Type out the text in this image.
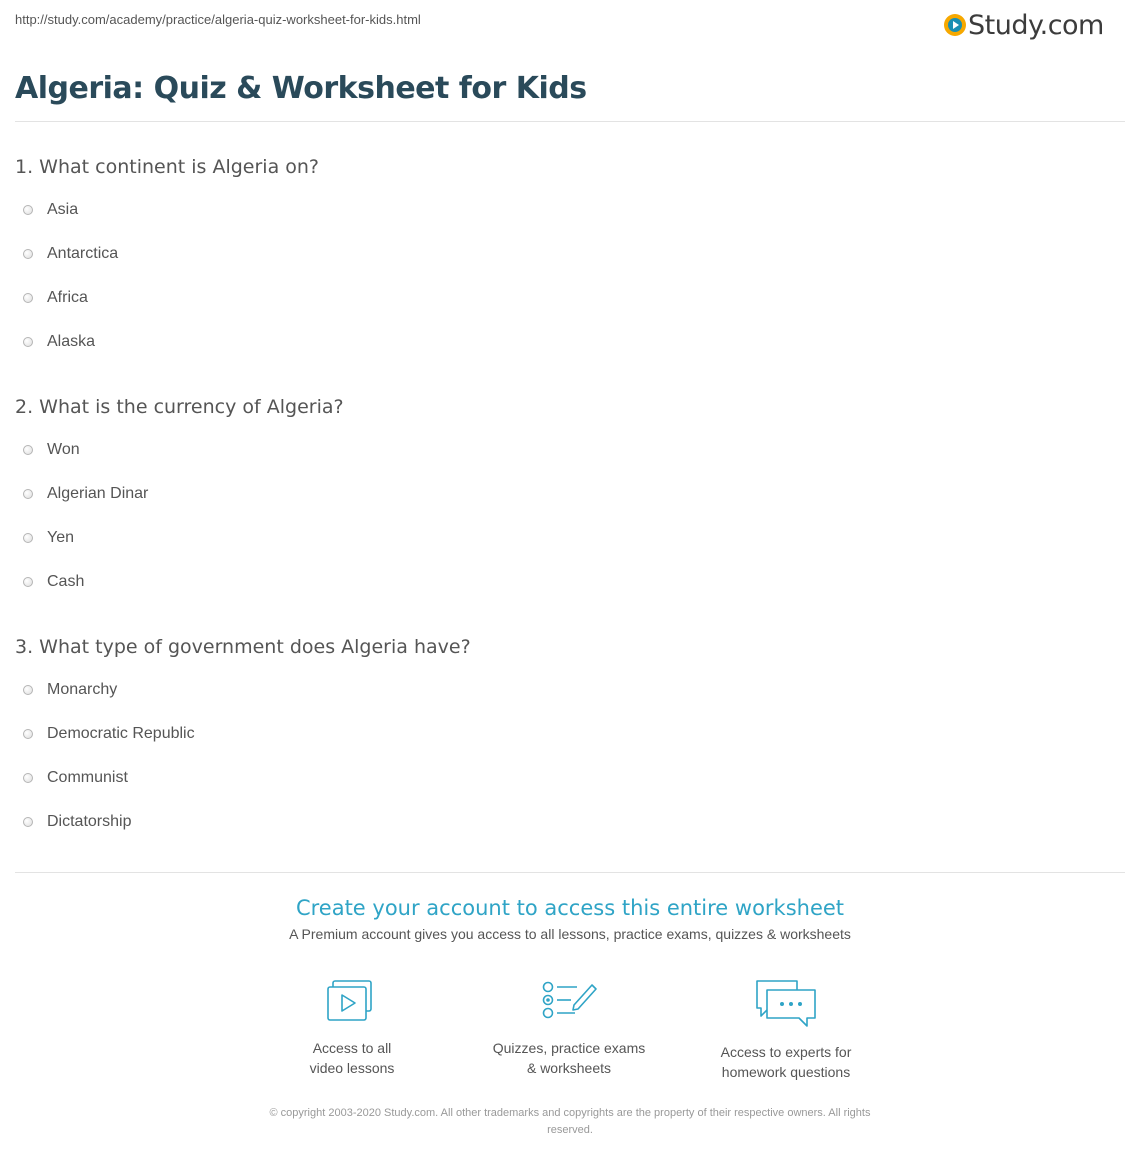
http://study.com/academy/practice/algeria-quiz-worksheet-for-kids.html	Study.com
Algeria: Quiz & Worksheet for Kids
1. What continent is Algeria on?
Asia
Antarctica
Africa
Alaska
2. What is the currency of Algeria?
Won
Algerian Dinar
Yen
Cash
3. What type of government does Algeria have?
Monarchy
Democratic Republic
Communist
Dictatorship
Create your account to access this entire worksheet
A Premium account gives you access to all lessons, practice exams, quizzes & worksheets
Access to all
video lessons
Quizzes, practice exams
& worksheets
Access to experts for
homework questions
© copyright 2003-2020 Study.com. All other trademarks and copyrights are the property of their respective owners. All rights
reserved.
